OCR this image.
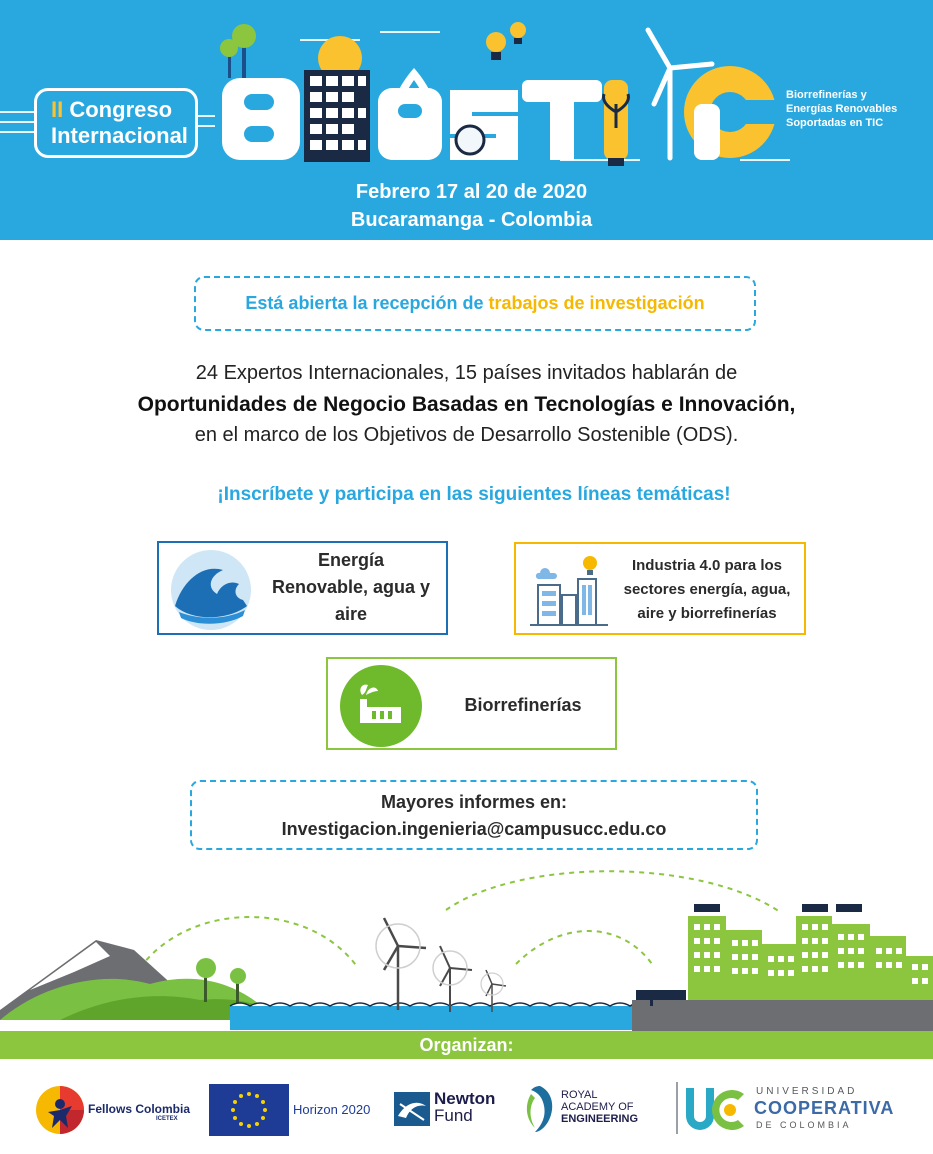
II Congreso
Internacional
Biorrefinerías y
Energías Renovables
Soportadas en TIC
Febrero 17 al 20 de 2020
Bucaramanga - Colombia
Está abierta la recepción de trabajos de investigación
24 Expertos Internacionales, 15 países invitados hablarán de
Oportunidades de Negocio Basadas en Tecnologías e Innovación,
en el marco de los Objetivos de Desarrollo Sostenible (ODS).
¡Inscríbete y participa en las siguientes líneas temáticas!
Energía
Renovable, agua y
aire
Industria 4.0 para los
sectores energía, agua,
aire y biorrefinerías
Biorrefinerías
Mayores informes en:
Investigacion.ingenieria@campusucc.edu.co
Organizan:
Fellows Colombia
ICETEX
Horizon 2020
Newton
Fund
ROYAL
ACADEMY OF
ENGINEERING
UNIVERSIDAD
COOPERATIVA
DE COLOMBIA
